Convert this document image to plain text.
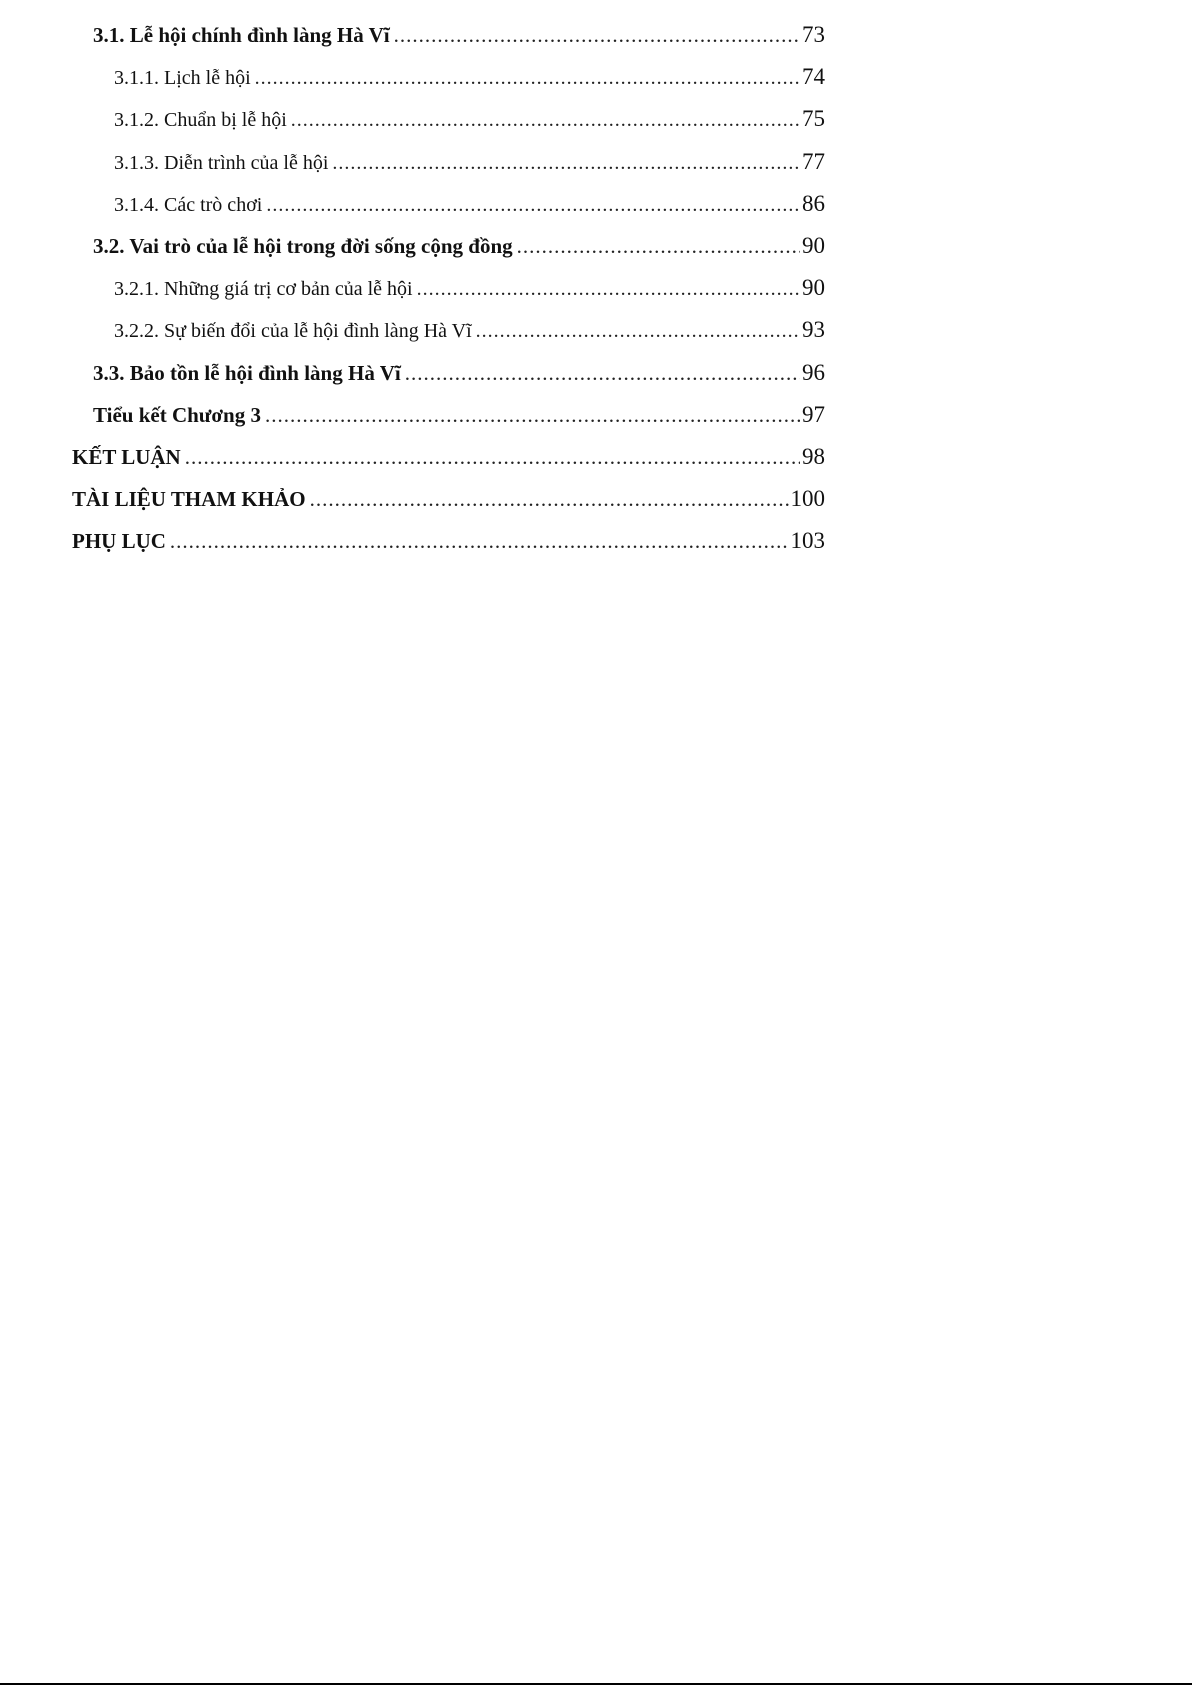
3.1. Lễ hội chính đình làng Hà Vĩ .....	73
3.1.1. Lịch lễ hội .....	74
3.1.2. Chuẩn bị lễ hội .....	75
3.1.3. Diễn trình của lễ hội .....	77
3.1.4. Các trò chơi .....	86
3.2. Vai trò của lễ hội trong đời sống cộng đồng .....	90
3.2.1. Những giá trị cơ bản của lễ hội .....	90
3.2.2. Sự biến đổi của lễ hội đình làng Hà Vĩ .....	93
3.3. Bảo tồn lễ hội đình làng Hà Vĩ .....	96
Tiểu kết Chương 3 .....	97
KẾT LUẬN .....	98
TÀI LIỆU THAM KHẢO .....	100
PHỤ LỤC .....	103
